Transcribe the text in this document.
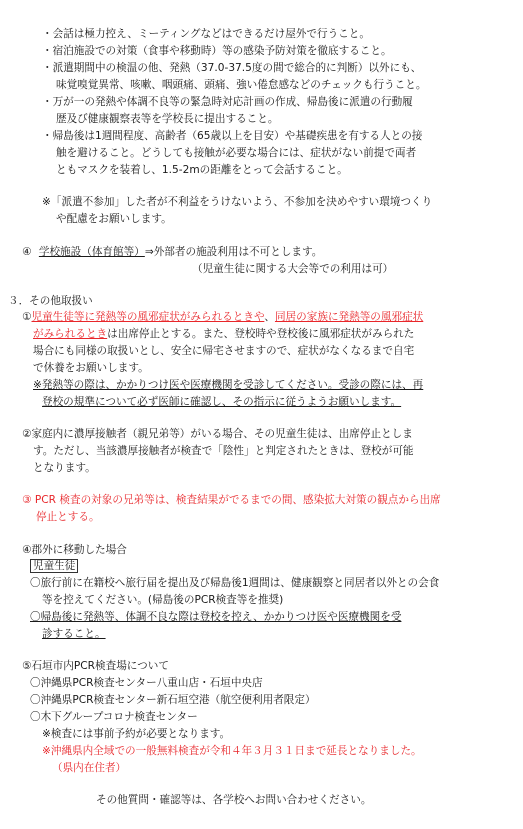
・会話は極力控え、ミーティングなどはできるだけ屋外で行うこと。
・宿泊施設での対策（食事や移動時）等の感染予防対策を徹底すること。
・派遣期間中の検温の他、発熱（37.0-37.5度の間で総合的に判断）以外にも、
味覚嗅覚異常、咳嗽、咽頭痛、頭痛、強い倦怠感などのチェックも行うこと。
・万が一の発熱や体調不良等の緊急時対応計画の作成、帰島後に派遣の行動履
歴及び健康観察表等を学校長に提出すること。
・帰島後は1週間程度、高齢者（65歳以上を目安）や基礎疾患を有する人との接
触を避けること。どうしても接触が必要な場合には、症状がない前提で両者
ともマスクを装着し、1.5-2mの距離をとって会話すること。
※「派遣不参加」した者が不利益をうけないよう、不参加を決めやすい環境つくり
や配慮をお願いします。
④ 学校施設（体育館等）⇒外部者の施設利用は不可とします。
（児童生徒に関する大会等での利用は可）
３．その他取扱い
①児童生徒等に発熱等の風邪症状がみられるときや、同居の家族に発熱等の風邪症状
がみられるときは出席停止とする。また、登校時や登校後に風邪症状がみられた
場合にも同様の取扱いとし、安全に帰宅させますので、症状がなくなるまで自宅
で休養をお願いします。
※発熱等の際は、かかりつけ医や医療機関を受診してください。受診の際には、再
登校の規準について必ず医師に確認し、その指示に従うようお願いします。
②家庭内に濃厚接触者（親兄弟等）がいる場合、その児童生徒は、出席停止としま
す。ただし、当該濃厚接触者が検査で「陰性」と判定されたときは、登校が可能
となります。
③ PCR 検査の対象の兄弟等は、検査結果がでるまでの間、感染拡大対策の観点から出席
停止とする。
④郡外に移動した場合
児童生徒
〇旅行前に在籍校へ旅行届を提出及び帰島後1週間は、健康観察と同居者以外との会食
等を控えてください。(帰島後のPCR検査等を推奨)
〇帰島後に発熱等、体調不良な際は登校を控え、かかりつけ医や医療機関を受
診すること。
⑤石垣市内PCR検査場について
〇沖縄県PCR検査センター八重山店・石垣中央店
〇沖縄県PCR検査センター新石垣空港（航空便利用者限定）
〇木下グループコロナ検査センター
※検査には事前予約が必要となります。
※沖縄県内全域での一般無料検査が令和４年３月３１日まで延長となりました。
（県内在住者）
その他質問・確認等は、各学校へお問い合わせください。
